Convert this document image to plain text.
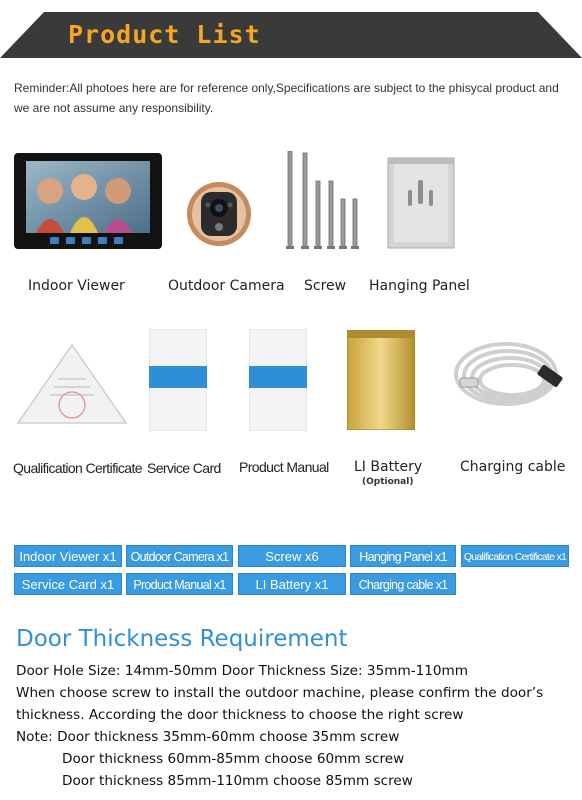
Product List
Reminder:All photoes here are for reference only,Specifications are subject to the phisycal product and we are not assume any responsibility.
Indoor Viewer	Outdoor Camera Screw Hanging Panel
Qualification Certificate Service Card Product Manual LI Battery
(Optional)
Charging cable
Indoor Viewer x1	Outdoor Camera x1	Screw x6	Hanging Panel x1	Qualification Certificate x1
Service Card x1	Product Manual x1	LI Battery x1	Charging cable x1
Door Thickness Requirement
Door Hole Size: 14mm-50mm Door Thickness Size: 35mm-110mm
When choose screw to install the outdoor machine, please confirm the door’s
thickness. According the door thickness to choose the right screw
Note: Door thickness 35mm-60mm choose 35mm screw
Door thickness 60mm-85mm choose 60mm screw
Door thickness 85mm-110mm choose 85mm screw
